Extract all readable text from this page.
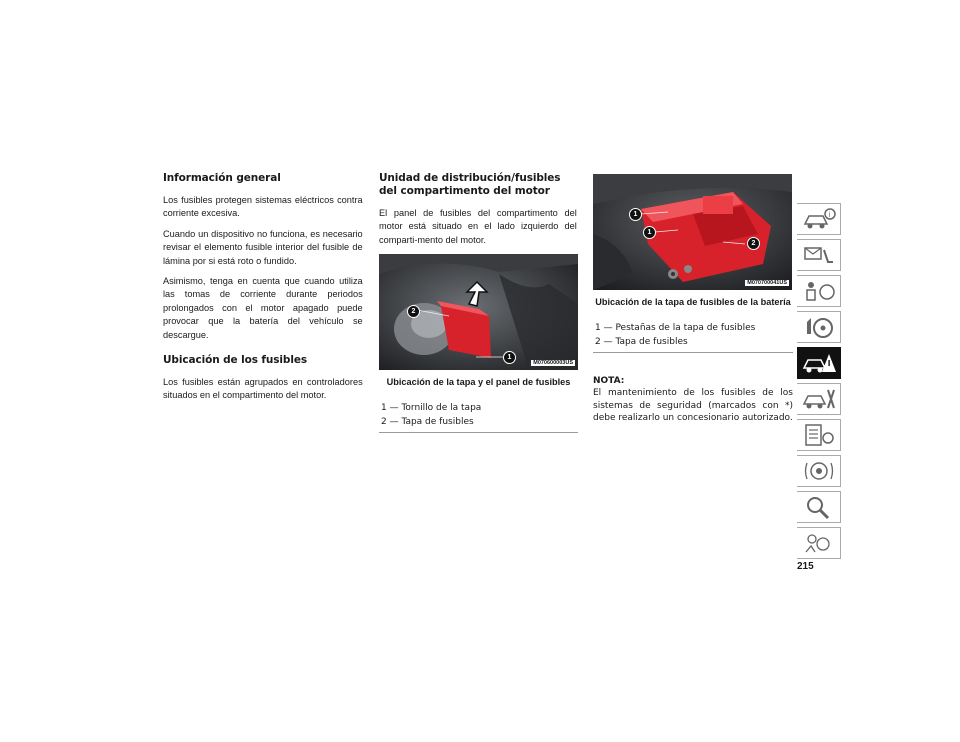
Información general

Los fusibles protegen sistemas eléctricos contra corriente excesiva.

Cuando un dispositivo no funciona, es necesario revisar el elemento fusible interior del fusible de lámina por si está roto o fundido.

Asimismo, tenga en cuenta que cuando utiliza las tomas de corriente durante periodos prolongados con el motor apagado puede provocar que la batería del vehículo se descargue.

Ubicación de los fusibles

Los fusibles están agrupados en controladores situados en el compartimento del motor.

Unidad de distribución/fusibles del compartimento del motor

El panel de fusibles del compartimento del motor está situado en el lado izquierdo del comparti-mento del motor.

2
1
M070600003US
Ubicación de la tapa y el panel de fusibles
1 — Tornillo de la tapa
2 — Tapa de fusibles
1
1
2
M070700041US
Ubicación de la tapa de fusibles de la batería
1 — Pestañas de la tapa de fusibles
2 — Tapa de fusibles
NOTA:
El mantenimiento de los fusibles de los sistemas de seguridad (marcados con *) debe realizarlo un concesionario autorizado.
i
215
